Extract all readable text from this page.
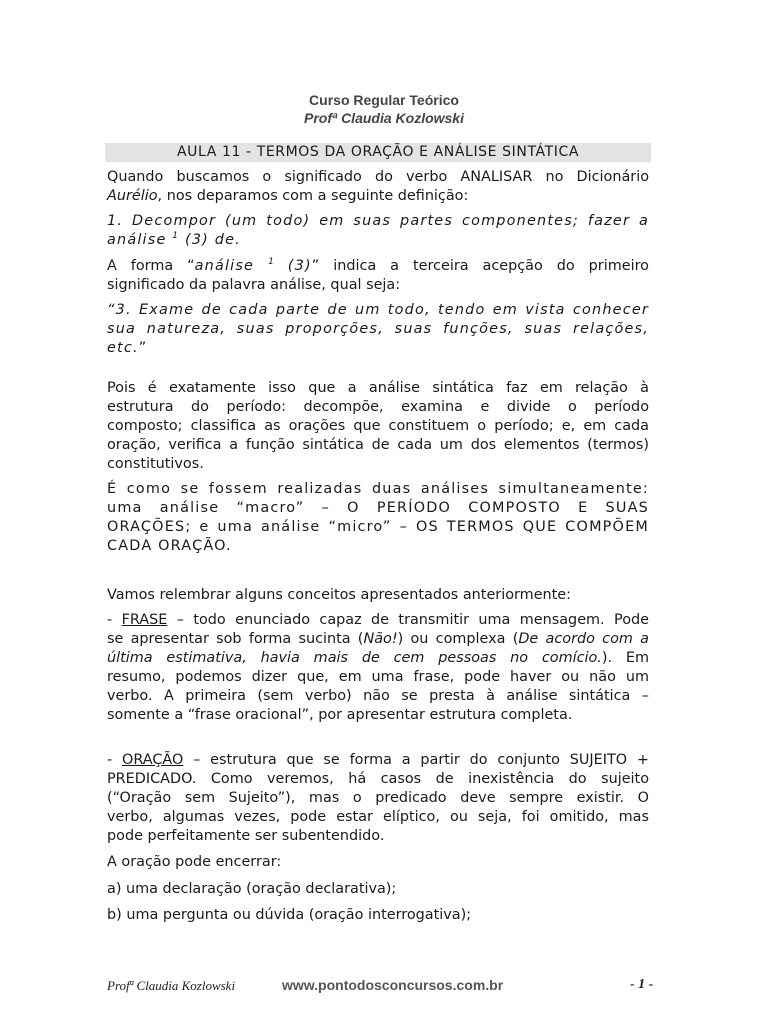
Curso Regular Teórico
Profª Claudia Kozlowski
AULA 11 - TERMOS DA ORAÇÃO E ANÁLISE SINTÁTICA
Quando buscamos o significado do verbo ANALISAR no Dicionário
Aurélio, nos deparamos com a seguinte definição:
1. Decompor (um todo) em suas partes componentes; fazer a
análise $^1$ (3) de.
A forma “análise $^1$ (3)” indica a terceira acepção do primeiro
significado da palavra análise, qual seja:
“3. Exame de cada parte de um todo, tendo em vista conhecer
sua natureza, suas proporções, suas funções, suas relações,
etc.”
Pois é exatamente isso que a análise sintática faz em relação à
estrutura do período: decompõe, examina e divide o período
composto; classifica as orações que constituem o período; e, em cada
oração, verifica a função sintática de cada um dos elementos (termos)
constitutivos.
É como se fossem realizadas duas análises simultaneamente:
uma análise “macro” – O PERÍODO COMPOSTO E SUAS
ORAÇÕES; e uma análise “micro” – OS TERMOS QUE COMPÕEM
CADA ORAÇÃO.
Vamos relembrar alguns conceitos apresentados anteriormente:
- FRASE – todo enunciado capaz de transmitir uma mensagem. Pode
se apresentar sob forma sucinta (Não!) ou complexa (De acordo com a
última estimativa, havia mais de cem pessoas no comício.). Em
resumo, podemos dizer que, em uma frase, pode haver ou não um
verbo. A primeira (sem verbo) não se presta à análise sintática –
somente a “frase oracional”, por apresentar estrutura completa.
- ORAÇÃO – estrutura que se forma a partir do conjunto SUJEITO +
PREDICADO. Como veremos, há casos de inexistência do sujeito
(“Oração sem Sujeito”), mas o predicado deve sempre existir. O
verbo, algumas vezes, pode estar elíptico, ou seja, foi omitido, mas
pode perfeitamente ser subentendido.
A oração pode encerrar:
a) uma declaração (oração declarativa);
b) uma pergunta ou dúvida (oração interrogativa);
Profª Claudia Kozlowski	www.pontodosconcursos.com.br	- 1 -
